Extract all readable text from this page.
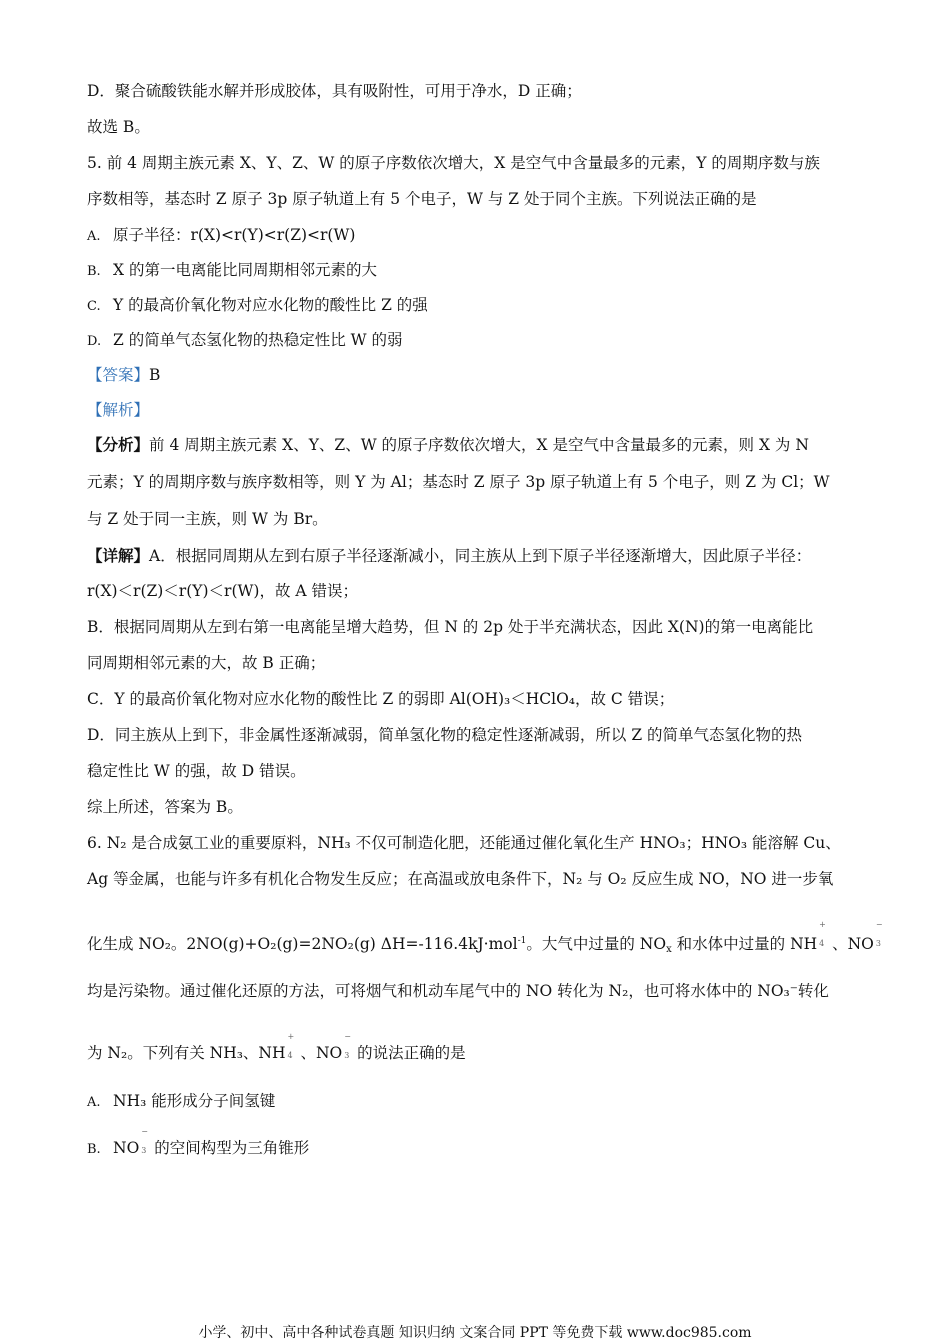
D．聚合硫酸铁能水解并形成胶体，具有吸附性，可用于净水，D 正确；
故选 B。
5. 前 4 周期主族元素 X、Y、Z、W 的原子序数依次增大，X 是空气中含量最多的元素，Y 的周期序数与族
序数相等，基态时 Z 原子 3p 原子轨道上有 5 个电子，W 与 Z 处于同个主族。下列说法正确的是
A. 原子半径：r(X)<r(Y)<r(Z)<r(W)
B. X 的第一电离能比同周期相邻元素的大
C. Y 的最高价氧化物对应水化物的酸性比 Z 的强
D. Z 的简单气态氢化物的热稳定性比 W 的弱
【答案】B
【解析】
【分析】前 4 周期主族元素 X、Y、Z、W 的原子序数依次增大，X 是空气中含量最多的元素，则 X 为 N
元素；Y 的周期序数与族序数相等，则 Y 为 Al；基态时 Z 原子 3p 原子轨道上有 5 个电子，则 Z 为 Cl；W
与 Z 处于同一主族，则 W 为 Br。
【详解】A．根据同周期从左到右原子半径逐渐减小，同主族从上到下原子半径逐渐增大，因此原子半径：
r(X)＜r(Z)＜r(Y)＜r(W)，故 A 错误；
B．根据同周期从左到右第一电离能呈增大趋势，但 N 的 2p 处于半充满状态，因此 X(N)的第一电离能比
同周期相邻元素的大，故 B 正确；
C．Y 的最高价氧化物对应水化物的酸性比 Z 的弱即 Al(OH)₃＜HClO₄，故 C 错误；
D．同主族从上到下，非金属性逐渐减弱，简单氢化物的稳定性逐渐减弱，所以 Z 的简单气态氢化物的热
稳定性比 W 的强，故 D 错误。
综上所述，答案为 B。
6. N₂ 是合成氨工业的重要原料，NH₃ 不仅可制造化肥，还能通过催化氧化生产 HNO₃；HNO₃ 能溶解 Cu、
Ag 等金属，也能与许多有机化合物发生反应；在高温或放电条件下，N₂ 与 O₂ 反应生成 NO，NO 进一步氧
化生成 NO₂。2NO(g)+O₂(g)=2NO₂(g) ΔH=-116.4kJ·mol$^{-1}$。大气中过量的 $NO_x$ 和水体中过量的 NH
+
4 、NO
−
3
均是污染物。通过催化还原的方法，可将烟气和机动车尾气中的 NO 转化为 N₂，也可将水体中的 NO₃⁻转化
为 N₂。下列有关 NH₃、NH
+
4 、NO
−
3 的说法正确的是
A. NH₃ 能形成分子间氢键
B. NO
−
3 的空间构型为三角锥形
小学、初中、高中各种试卷真题 知识归纳 文案合同 PPT 等免费下载 www.doc985.com
